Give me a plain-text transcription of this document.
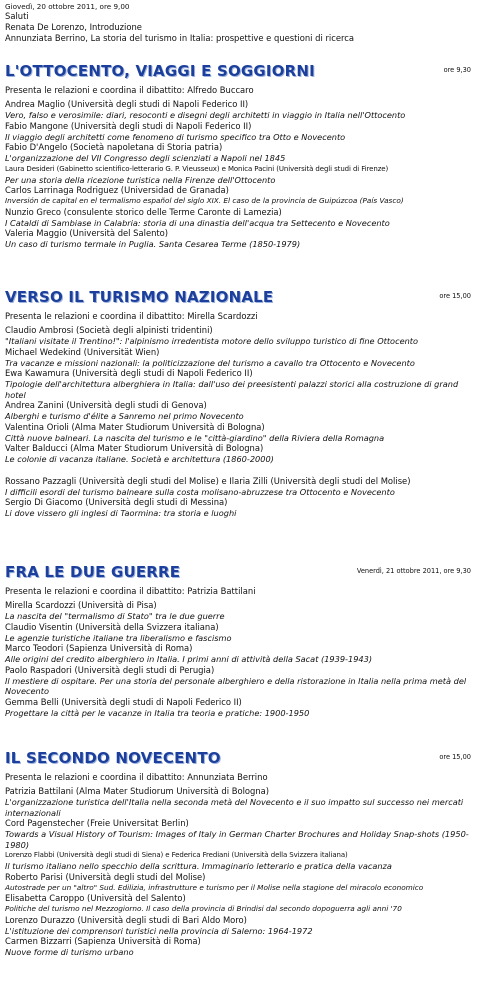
Giovedì, 20 ottobre 2011, ore 9,00
Saluti
Renata De Lorenzo, Introduzione
Annunziata Berrino, La storia del turismo in Italia: prospettive e questioni di ricerca
L'OTTOCENTO, VIAGGI E SOGGIORNI	ore 9,30
Presenta le relazioni e coordina il dibattito: Alfredo Buccaro
Andrea Maglio (Università degli studi di Napoli Federico II)
Vero, falso e verosimile: diari, resoconti e disegni degli architetti in viaggio in Italia nell'Ottocento
Fabio Mangone (Università degli studi di Napoli Federico II)
Il viaggio degli architetti come fenomeno di turismo specifico tra Otto e Novecento
Fabio D'Angelo (Società napoletana di Storia patria)
L'organizzazione del VII Congresso degli scienziati a Napoli nel 1845
Laura Desideri (Gabinetto scientifico-letterario G. P. Vieusseux) e Monica Pacini (Università degli studi di Firenze)
Per una storia della ricezione turistica nella Firenze dell'Ottocento
Carlos Larrinaga Rodriguez (Universidad de Granada)
Inversión de capital en el termalismo español del siglo XIX. El caso de la provincia de Guipúzcoa (País Vasco)
Nunzio Greco (consulente storico delle Terme Caronte di Lamezia)
I Cataldi di Sambiase in Calabria: storia di una dinastia dell'acqua tra Settecento e Novecento
Valeria Maggio (Università del Salento)
Un caso di turismo termale in Puglia. Santa Cesarea Terme (1850-1979)
VERSO IL TURISMO NAZIONALE	ore 15,00
Presenta le relazioni e coordina il dibattito: Mirella Scardozzi
Claudio Ambrosi (Società degli alpinisti tridentini)
"Italiani visitate il Trentino!": l'alpinismo irredentista motore dello sviluppo turistico di fine Ottocento
Michael Wedekind (Universität Wien)
Tra vacanze e missioni nazionali: la politicizzazione del turismo a cavallo tra Ottocento e Novecento
Ewa Kawamura (Università degli studi di Napoli Federico II)
Tipologie dell'architettura alberghiera in Italia: dall'uso dei preesistenti palazzi storici alla costruzione di grand hotel
Andrea Zanini (Università degli studi di Genova)
Alberghi e turismo d'élite a Sanremo nel primo Novecento
Valentina Orioli (Alma Mater Studiorum Università di Bologna)
Città nuove balneari. La nascita del turismo e le "città-giardino" della Riviera della Romagna
Valter Balducci (Alma Mater Studiorum Università di Bologna)
Le colonie di vacanza italiane. Società e architettura (1860-2000)
Rossano Pazzagli (Università degli studi del Molise) e Ilaria Zilli (Università degli studi del Molise)
I difficili esordi del turismo balneare sulla costa molisano-abruzzese tra Ottocento e Novecento
Sergio Di Giacomo (Università degli studi di Messina)
Li dove vissero gli inglesi di Taormina: tra storia e luoghi
FRA LE DUE GUERRE	Venerdì, 21 ottobre 2011, ore 9,30
Presenta le relazioni e coordina il dibattito: Patrizia Battilani
Mirella Scardozzi (Università di Pisa)
La nascita del "termalismo di Stato" tra le due guerre
Claudio Visentin (Università della Svizzera italiana)
Le agenzie turistiche italiane tra liberalismo e fascismo
Marco Teodori (Sapienza Università di Roma)
Alle origini del credito alberghiero in Italia. I primi anni di attività della Sacat (1939-1943)
Paolo Raspadori (Università degli studi di Perugia)
Il mestiere di ospitare. Per una storia del personale alberghiero e della ristorazione in Italia nella prima metà del Novecento
Gemma Belli (Università degli studi di Napoli Federico II)
Progettare la città per le vacanze in Italia tra teoria e pratiche: 1900-1950
IL SECONDO NOVECENTO	ore 15,00
Presenta le relazioni e coordina il dibattito: Annunziata Berrino
Patrizia Battilani (Alma Mater Studiorum Università di Bologna)
L'organizzazione turistica dell'Italia nella seconda metà del Novecento e il suo impatto sul successo nei mercati internazionali
Cord Pagenstecher (Freie Universitat Berlin)
Towards a Visual History of Tourism: Images of Italy in German Charter Brochures and Holiday Snap-shots (1950-1980)
Lorenzo Flabbi (Università degli studi di Siena) e Federica Frediani (Università della Svizzera italiana)
Il turismo italiano nello specchio della scrittura. Immaginario letterario e pratica della vacanza
Roberto Parisi (Università degli studi del Molise)
Autostrade per un "altro" Sud. Edilizia, infrastrutture e turismo per il Molise nella stagione del miracolo economico
Elisabetta Caroppo (Università del Salento)
Politiche del turismo nel Mezzogiorno. Il caso della provincia di Brindisi dal secondo dopoguerra agli anni '70
Lorenzo Durazzo (Università degli studi di Bari Aldo Moro)
L'istituzione dei comprensori turistici nella provincia di Salerno: 1964-1972
Carmen Bizzarri (Sapienza Università di Roma)
Nuove forme di turismo urbano
